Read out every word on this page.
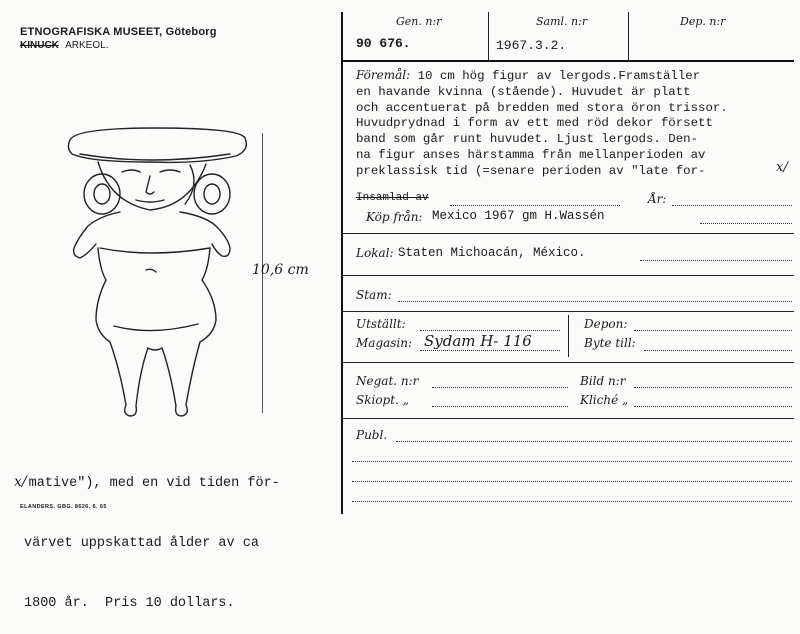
ETNOGRAFISKA MUSEET, Göteborg
KINUCK ARKEOL.
10,6 cm

x/ mative"), med en vid tiden för-

värvet uppskattad ålder av ca

1800 år.  Pris 10 dollars.

ELANDERS. GBG. 8626. 6. 65
Gen. n:r	Saml. n:r	Dep. n:r
90 676.	1967.3.2.
Föremål: 10 cm hög figur av lergods.Framställer
en havande kvinna (stående). Huvudet är platt
och accentuerat på bredden med stora öron trissor.
Huvudprydnad i form av ett med röd dekor försett
band som går runt huvudet. Ljust lergods. Den-
na figur anses härstamma från mellanperioden av
preklassisk tid (=senare perioden av "late for-	x/
Insamlad av	År:
Köp från: Mexico 1967 gm H.Wassén
Lokal: Staten Michoacán, México.
Stam:
Utställt:
Magasin: Sydam H- 116
Depon:
Byte till:
Negat. n:r	Bild n:r
Skiopt. „	Kliché „
Publ.
